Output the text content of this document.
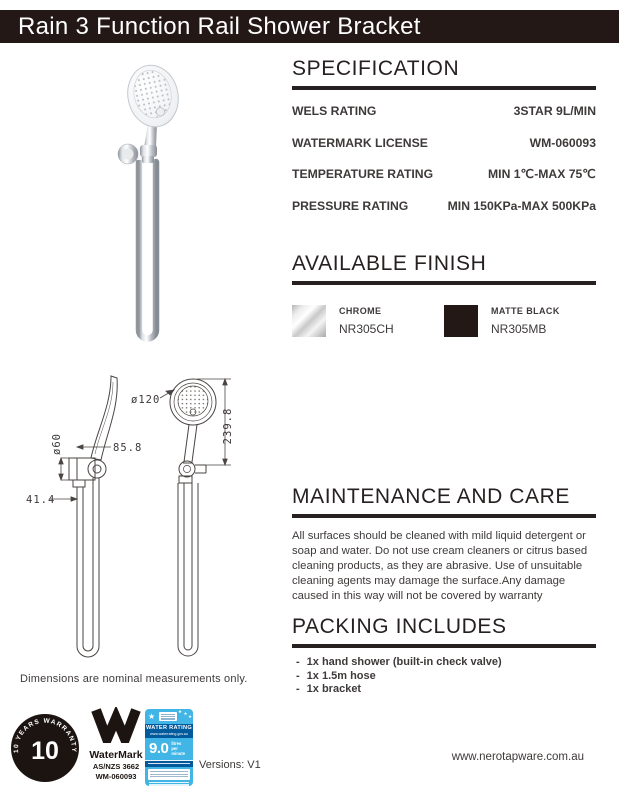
Rain 3 Function Rail Shower Bracket
ø60	85.8
41.4
ø120
239.8
Dimensions are nominal measurements only.
SPECIFICATION
WELS RATING	3STAR 9L/MIN
WATERMARK LICENSE	WM-060093
TEMPERATURE RATING	MIN 1℃-MAX 75℃
PRESSURE RATING	MIN 150KPa-MAX 500KPa
AVAILABLE FINISH
CHROME
NR305CH
MATTE BLACK
NR305MB
MAINTENANCE AND CARE

All surfaces should be cleaned with mild liquid detergent or soap and water. Do not use cream cleaners or citrus based cleaning products, as they are abrasive. Use of unsuitable cleaning agents may damage the surface.Any damage caused in this way will not be covered by warranty

PACKING INCLUDES
- 1x hand shower (built-in check valve)
- 1x 1.5m hose
- 1x bracket
10 YEARS WARRANTY
10	WaterMark
AS/NZS 3662
WM-060093
★
★ ★
★
WATER RATING
www.waterrating.gov.au
9.0 litres per minute
Versions: V1
www.nerotapware.com.au
